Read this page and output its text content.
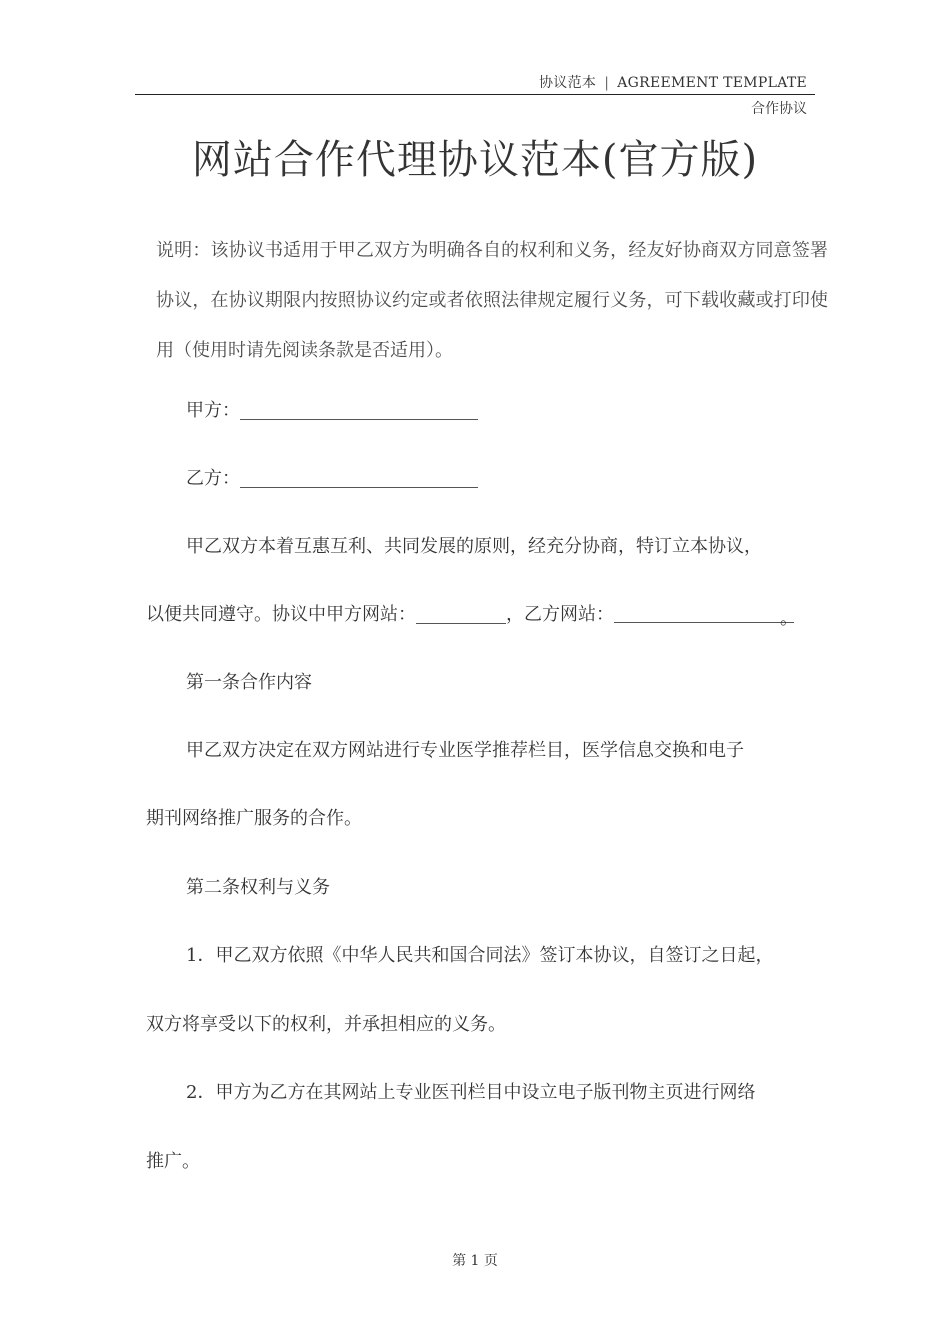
协议范本 | AGREEMENT TEMPLATE
合作协议
网站合作代理协议范本(官方版)

说明：该协议书适用于甲乙双方为明确各自的权利和义务，经友好协商双方同意签署协议，在协议期限内按照协议约定或者依照法律规定履行义务，可下载收藏或打印使用（使用时请先阅读条款是否适用）。

甲方：
乙方：
甲乙双方本着互惠互利、共同发展的原则，经充分协商，特订立本协议，
以便共同遵守。协议中甲方网站：	，乙方网站：	。
第一条合作内容
甲乙双方决定在双方网站进行专业医学推荐栏目，医学信息交换和电子
期刊网络推广服务的合作。
第二条权利与义务
1．甲乙双方依照《中华人民共和国合同法》签订本协议，自签订之日起，
双方将享受以下的权利，并承担相应的义务。
2．甲方为乙方在其网站上专业医刊栏目中设立电子版刊物主页进行网络
推广。
第 1 页
